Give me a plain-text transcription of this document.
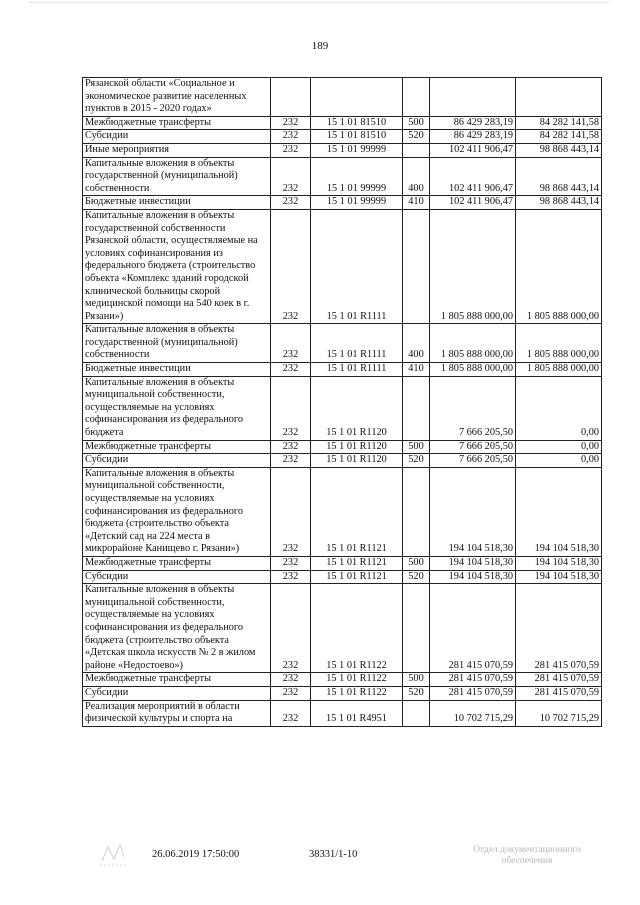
189
Рязанской области «Социальное и экономическое развитие населенных пунктов в 2015 - 2020 годах»					
Межбюджетные трансферты	232	15 1 01 81510	500	86 429 283,19	84 282 141,58
Субсидии	232	15 1 01 81510	520	86 429 283,19	84 282 141,58
Иные мероприятия	232	15 1 01 99999		102 411 906,47	98 868 443,14
Капитальные вложения в объекты государственной (муниципальной) собственности	232	15 1 01 99999	400	102 411 906,47	98 868 443,14
Бюджетные инвестиции	232	15 1 01 99999	410	102 411 906,47	98 868 443,14
Капитальные вложения в объекты государственной собственности Рязанской области, осуществляемые на условиях софинансирования из федерального бюджета (строительство объекта «Комплекс зданий городской клинической больницы скорой медицинской помощи на 540 коек в г. Рязани»)	232	15 1 01 R1111		1 805 888 000,00	1 805 888 000,00
Капитальные вложения в объекты государственной (муниципальной) собственности	232	15 1 01 R1111	400	1 805 888 000,00	1 805 888 000,00
Бюджетные инвестиции	232	15 1 01 R1111	410	1 805 888 000,00	1 805 888 000,00
Капитальные вложения в объекты муниципальной собственности, осуществляемые на условиях софинансирования из федерального бюджета	232	15 1 01 R1120		7 666 205,50	0,00
Межбюджетные трансферты	232	15 1 01 R1120	500	7 666 205,50	0,00
Субсидии	232	15 1 01 R1120	520	7 666 205,50	0,00
Капитальные вложения в объекты муниципальной собственности, осуществляемые на условиях софинансирования из федерального бюджета (строительство объекта «Детский сад на 224 места в микрорайоне Канищево г. Рязани»)	232	15 1 01 R1121		194 104 518,30	194 104 518,30
Межбюджетные трансферты	232	15 1 01 R1121	500	194 104 518,30	194 104 518,30
Субсидии	232	15 1 01 R1121	520	194 104 518,30	194 104 518,30
Капитальные вложения в объекты муниципальной собственности, осуществляемые на условиях софинансирования из федерального бюджета (строительство объекта «Детская школа искусств № 2 в жилом районе «Недостоево»)	232	15 1 01 R1122		281 415 070,59	281 415 070,59
Межбюджетные трансферты	232	15 1 01 R1122	500	281 415 070,59	281 415 070,59
Субсидии	232	15 1 01 R1122	520	281 415 070,59	281 415 070,59
Реализация мероприятий в области физической культуры и спорта на	232	15 1 01 R4951		10 702 715,29	10 702 715,29
26.06.2019 17:50:00	38331/1-10	Отдел документационного обеспечения
